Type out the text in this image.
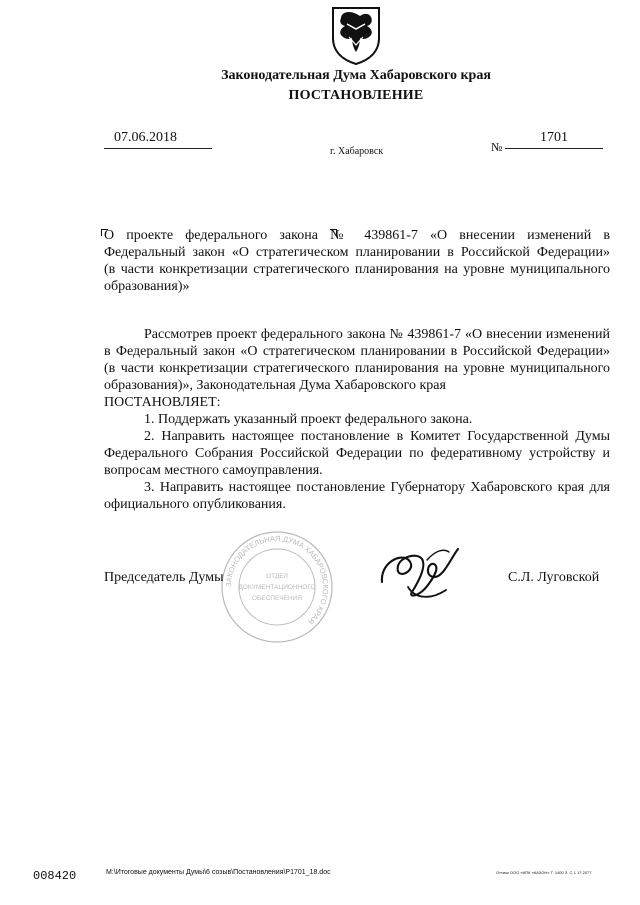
Законодательная Дума Хабаровского края
ПОСТАНОВЛЕНИЕ
07.06.2018
г. Хабаровск	№
1701
О проекте федерального закона № 439861-7 «О внесении изменений в
Федеральный закон «О стратегическом планировании в Российской Федерации»
(в части конкретизации стратегического планирования на уровне муниципального
образования)»
Рассмотрев проект федерального закона № 439861-7 «О внесении изменений
в Федеральный закон «О стратегическом планировании в Российской Федерации»
(в части конкретизации стратегического планирования на уровне муниципального
образования)», Законодательная Дума Хабаровского края
ПОСТАНОВЛЯЕТ:
1. Поддержать указанный проект федерального закона.
2. Направить настоящее постановление в Комитет Государственной Думы
Федерального Собрания Российской Федерации по федеративному устройству и
вопросам местного самоуправления.
3. Направить настоящее постановление Губернатору Хабаровского края для
официального опубликования.
ЗАКОНОДАТЕЛЬНАЯ ДУМА ХАБАРОВСКОГО КРАЯ
ОТДЕЛ
ДОКУМЕНТАЦИОННОГО
ОБЕСПЕЧЕНИЯ
Председатель Думы	С.Л. Луговской
008420	M:\Итоговые документы Думы\6 созыв\Постановления\P1701_18.doc	Оттиск ООО «ИПК «КАЗОН» Т. 1400 З. С-1 17.2077
